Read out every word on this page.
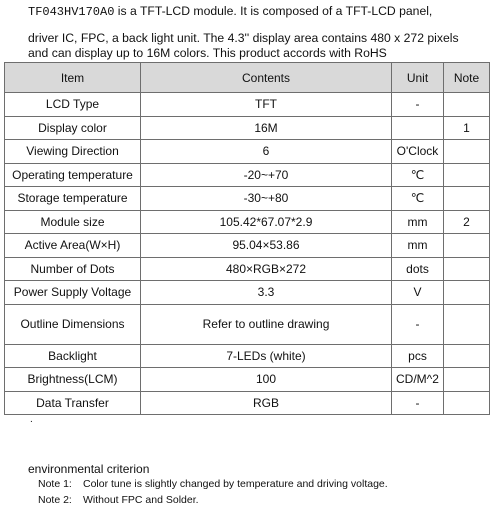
TF043HV170A0 is a TFT-LCD module. It is composed of a TFT-LCD panel,
driver IC, FPC, a back light unit. The 4.3'' display area contains 480 x 272 pixels
and can display up to 16M colors. This product accords with RoHS
Item	Contents	Unit	Note
LCD Type	TFT	-	
Display color	16M		1
Viewing Direction	6	O'Clock	
Operating temperature	-20~+70	℃	
Storage temperature	-30~+80	℃	
Module size	105.42*67.07*2.9	mm	2
Active Area(W×H)	95.04×53.86	mm	
Number of Dots	480×RGB×272	dots	
Power Supply Voltage	3.3	V	
Outline Dimensions	Refer to outline drawing	-	
Backlight	7-LEDs (white)	pcs	
Brightness(LCM)	100	CD/M^2	
Data Transfer	RGB	-	
.
environmental criterion
Note 1: Color tune is slightly changed by temperature and driving voltage.
Note 2: Without FPC and Solder.
